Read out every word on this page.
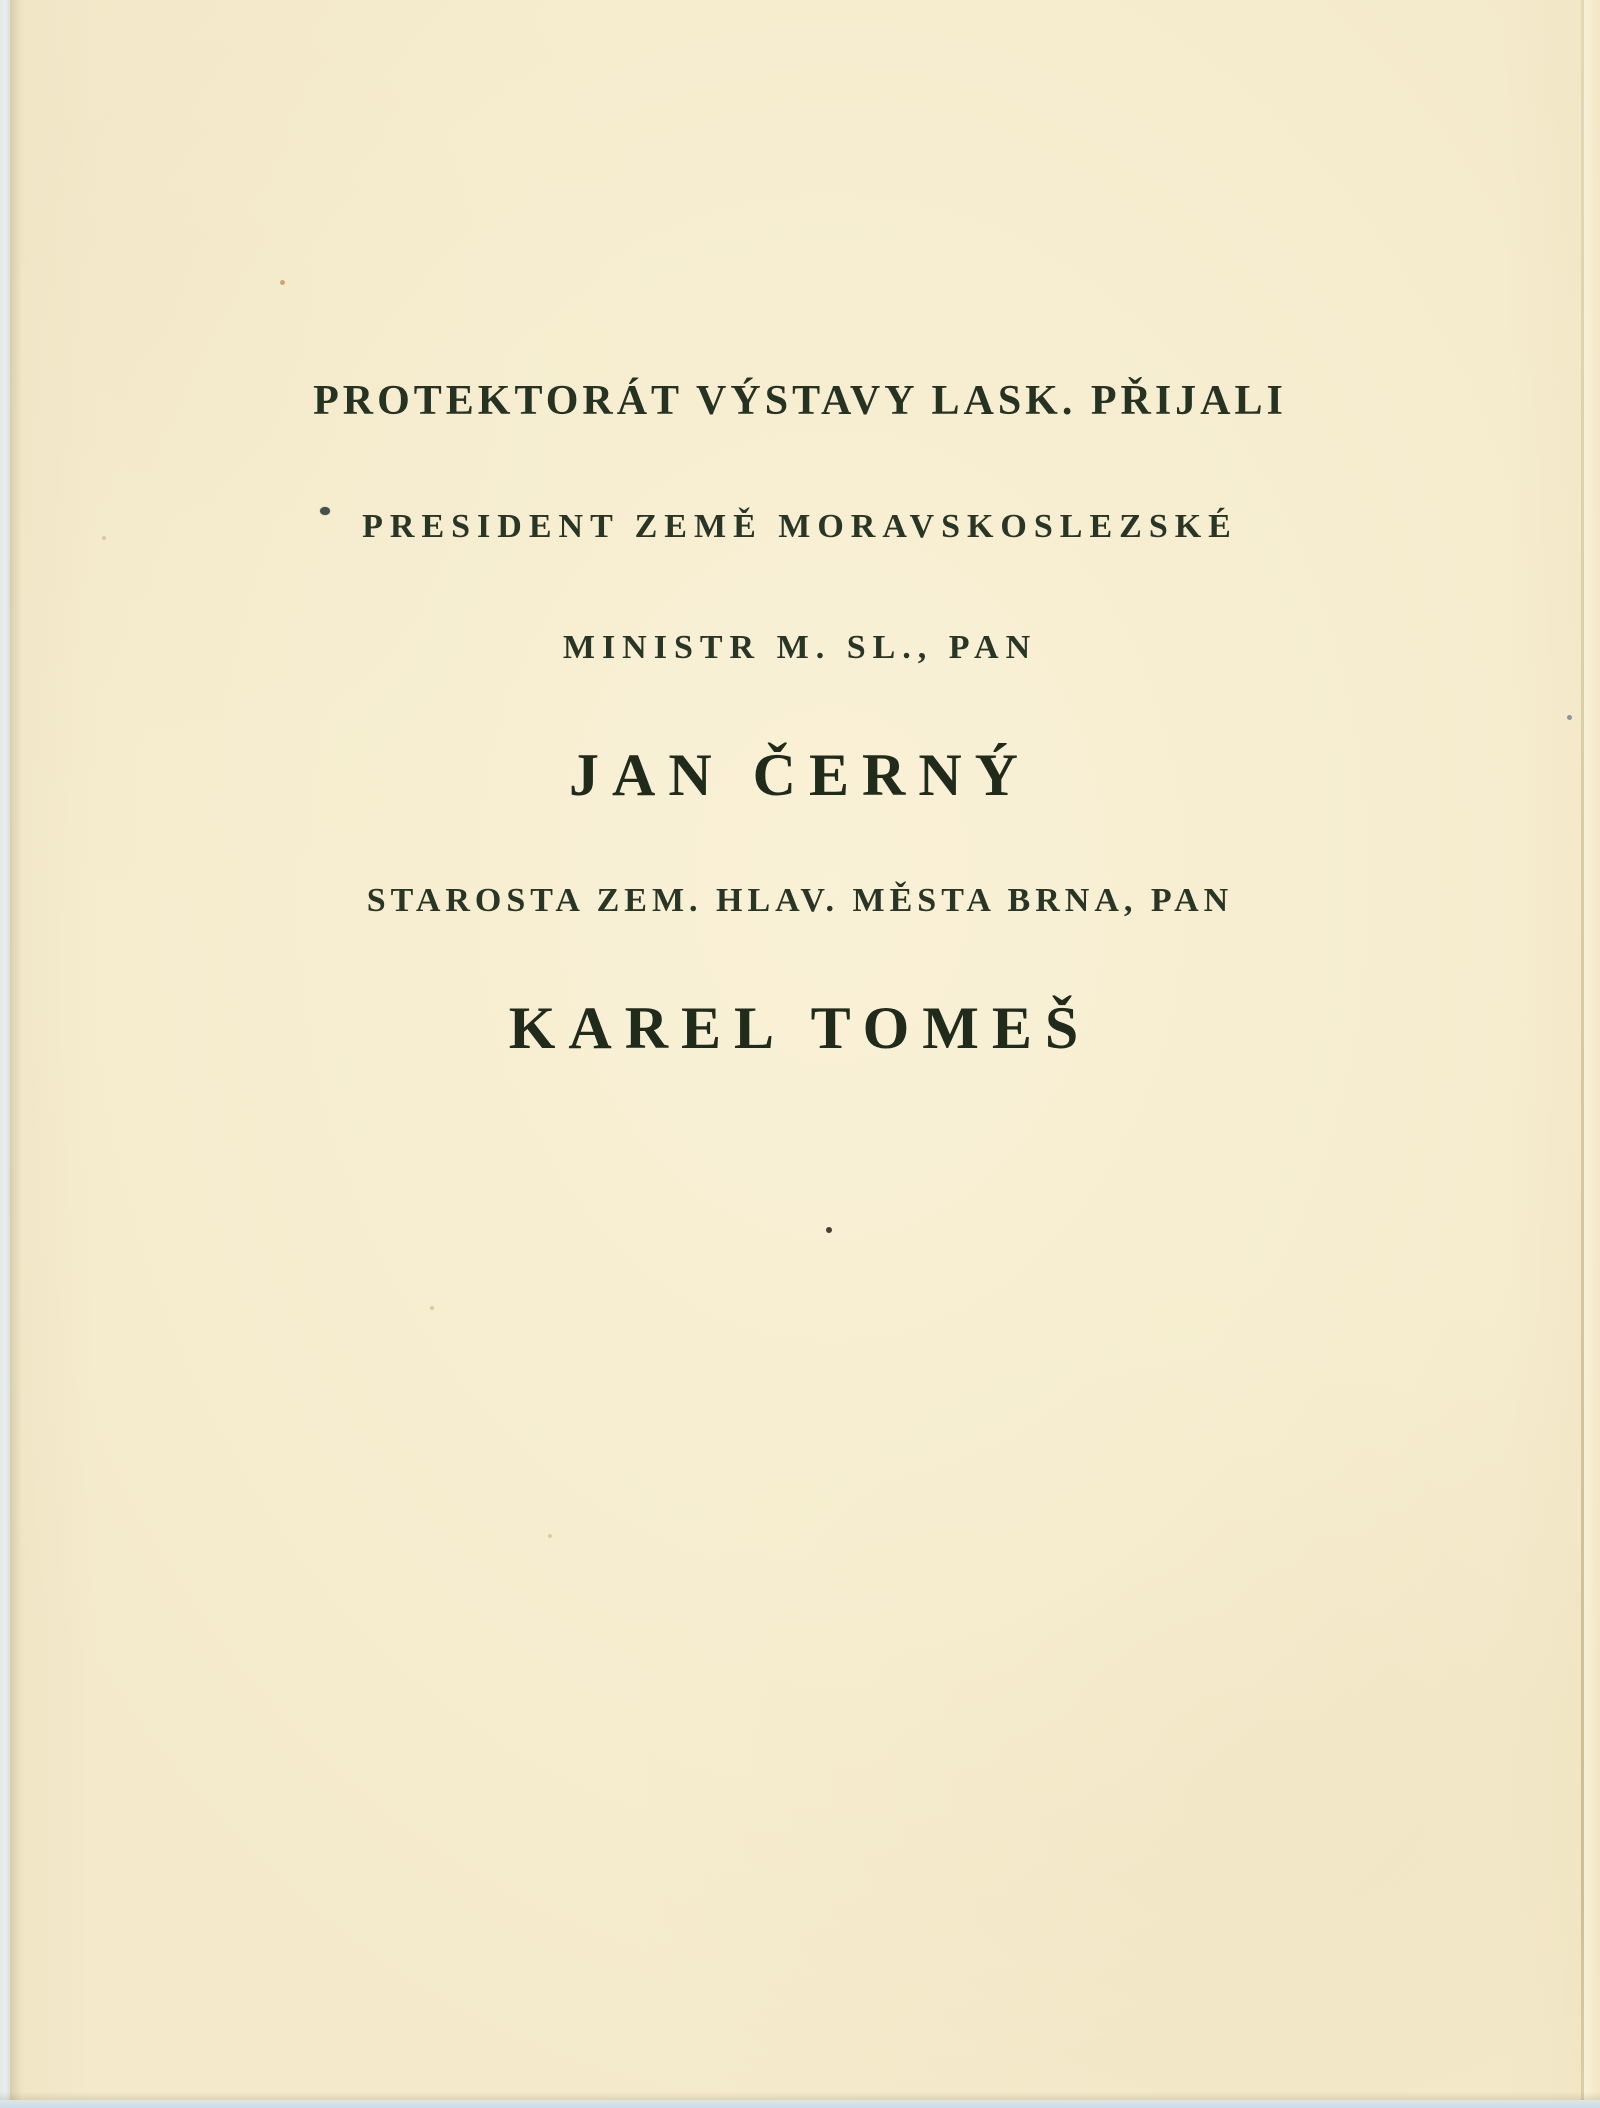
PROTEKTORÁT VÝSTAVY LASK. PŘIJALI
PRESIDENT ZEMĚ MORAVSKOSLEZSKÉ
MINISTR M. SL., PAN
JAN ČERNÝ
STAROSTA ZEM. HLAV. MĚSTA BRNA, PAN
KAREL TOMEŠ
